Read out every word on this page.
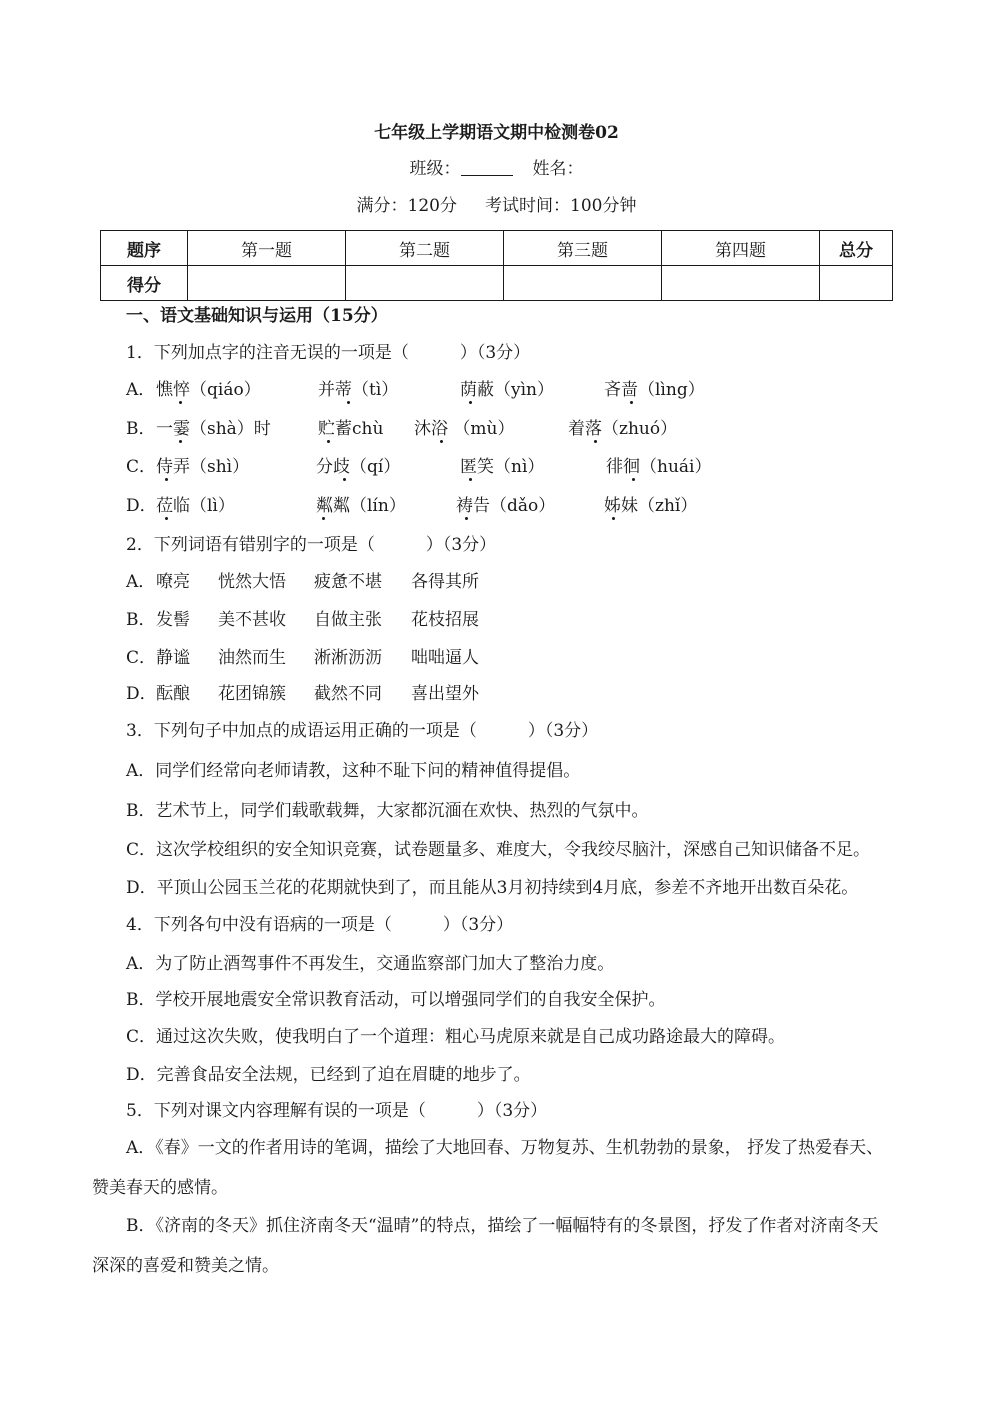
七年级上学期语文期中检测卷02
班级：	姓名：
满分：120分 考试时间：100分钟
题序	第一题	第二题	第三题	第四题	总分
得分					
一、语文基础知识与运用（15分）
1．下列加点字的注音无误的一项是（　　　）（3分）
A． 憔悴（qiáo）	并蒂（tì）	荫蔽（yìn）	吝啬（lìng）
B． 一霎（shà）时	贮蓄chù 沐浴 （mù）	着落（zhuó）
C． 侍弄（shì）	分歧（qí）	匿笑（nì）	徘徊（huái）
D． 莅临（lì）	粼粼（lín）	祷告（dǎo）	姊妹（zhǐ）
2．下列词语有错别字的一项是（　　　）（3分）
A． 嘹亮 恍然大悟 疲惫不堪 各得其所
B． 发髻 美不甚收 自做主张 花枝招展
C． 静谧 油然而生 淅淅沥沥 咄咄逼人
D． 酝酿 花团锦簇 截然不同 喜出望外
3．下列句子中加点的成语运用正确的一项是（　　　）（3分）
A．同学们经常向老师请教，这种不耻下问的精神值得提倡。
B．艺术节上，同学们载歌载舞，大家都沉湎在欢快、热烈的气氛中。
C．这次学校组织的安全知识竞赛，试卷题量多、难度大，令我绞尽脑汁，深感自己知识储备不足。
D．平顶山公园玉兰花的花期就快到了，而且能从3月初持续到4月底，参差不齐地开出数百朵花。
4．下列各句中没有语病的一项是（　　　）（3分）
A．为了防止酒驾事件不再发生，交通监察部门加大了整治力度。
B．学校开展地震安全常识教育活动，可以增强同学们的自我安全保护。
C．通过这次失败，使我明白了一个道理：粗心马虎原来就是自己成功路途最大的障碍。
D．完善食品安全法规，已经到了迫在眉睫的地步了。
5．下列对课文内容理解有误的一项是（　　　）（3分）
A．《春》一文的作者用诗的笔调，描绘了大地回春、万物复苏、生机勃勃的景象， 抒发了热爱春天、赞美春天的感情。
B．《济南的冬天》抓住济南冬天“温晴”的特点，描绘了一幅幅特有的冬景图，抒发了作者对济南冬天深深的喜爱和赞美之情。
